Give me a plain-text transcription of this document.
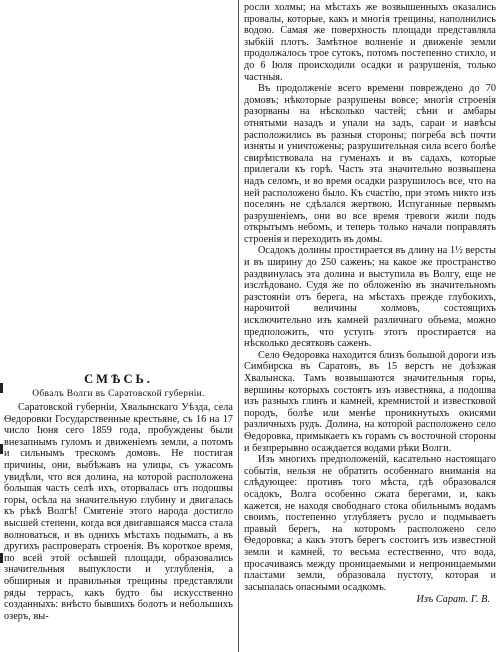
СМѢСЬ.
Обвалъ Волги въ Саратовской губерніи.

Саратовской губерніи, Хвалынскаго Уѣзда, села Ѳедоровки Государственные крестьяне, съ 16 на 17 число Іюня сего 1859 года, пробуждены были внезапнымъ гуломъ и движеніемъ земли, а потомъ и сильнымъ трескомъ домовъ. Не постигая причины, они, выбѣжавъ на улицы, съ ужасомъ увидѣли, что вся долина, на которой расположена большая часть селѣ ихъ, оторвалась отъ подошвы горы, осѣла на значительную глубину и двигалась къ рѣкѣ Волгѣ! Смятеніе этого народа достигло высшей степени, когда вся двигавшаяся масса стала волноваться, и въ однихъ мѣстахъ подымать, а въ другихъ распроверать строенія. Въ короткое время, по всей этой осѣвшей площади, образовались значительныя выпуклости и углубленія, а обширныя и правильныя трещины представляли ряды террасъ, какъ будто бы искусственно созданныхъ: внѣсто бывшихъ болотъ и небольшихъ озеръ, вы-

росли холмы; на мѣстахъ же возвышенныхъ оказались провалы, которые, какъ и многія трещины, наполнились водою. Самая же поверхность площади представляла зыбкій плотъ. Замѣтное волненіе и движеніе земли продолжалось трое сутокъ, потомъ постепенно стихло, и до 6 Іюля происходили осадки и разрушенія, только частныя.

Въ продолженіе всего времени повреждено до 70 домовъ; нѣкоторые разрушены вовсе; многія строенія разорваны на нѣсколько частей; сѣни и амбары отнятыми назадъ и упали на задъ, сараи и навѣсы расположились въ разныя стороны; погреба всѣ почти изняты и уничтожены; разрушительная сила всего болѣе свирѣпствовала на гуменахъ и въ садахъ, которые прилегали къ горѣ. Часть эта значительно возвышена надъ селомъ, и во время осадки разрушилось все, что на ней расположено было. Къ счастію, при этомъ никто изъ поселянъ не сдѣлался жертвою. Испуганные первымъ разрушеніемъ, они во все время тревоги жили подъ открытымъ небомъ, и теперь только начали поправлять строенія и переходить въ домы.

Осадокъ долины простирается въ длину на 1½ версты и въ ширину до 250 саженъ; на какое же пространство раздвинулась эта долина и выступила въ Волгу, еще не изслѣдовано. Судя же по обложенію въ значительномъ разстояніи отъ берега, на мѣстахъ прежде глубокихъ, нарочитой величины холмовъ, состоящихъ исключительно изъ камней различнаго объема, можно предположить, что уступъ этотъ простирается на нѣсколько десятковъ саженъ.

Село Ѳедоровка находится близъ большой дороги изъ Симбирска въ Саратовъ, въ 15 верстъ не доѣзжая Хвалынска. Тамъ возвышаются значительныя горы, вершины которыхъ состоятъ изъ известняка, а подошва изъ разныхъ глинъ и камней, кремнистой и известковой породъ, болѣе или менѣе проникнутыхъ окисями различныхъ рудъ. Долина, на которой расположено село Ѳедоровка, примыкаетъ къ горамъ съ восточной стороны и безпрерывно осаждается водами рѣки Волги.

Изъ многихъ предположеній, касательно настоящаго событія, нельзя не обратить особеннаго вниманія на слѣдующее: противъ того мѣста, гдѣ образовался осадокъ, Волга особенно сжата берегами, и, какъ кажется, не находя свободнаго стока обильнымъ водамъ своимъ, постепенно углубляетъ русло и подмываетъ правый берегъ, на которомъ расположено село Ѳедоровка; а какъ этотъ берегъ состоитъ изъ известной земли и камней, то весьма естественно, что вода, просачиваясь между проницаемыми и непроницаемыми пластами земли, образовала пустоту, которая и засыпалась опасными осадкомъ.

Изъ Сарат. Г. В.
